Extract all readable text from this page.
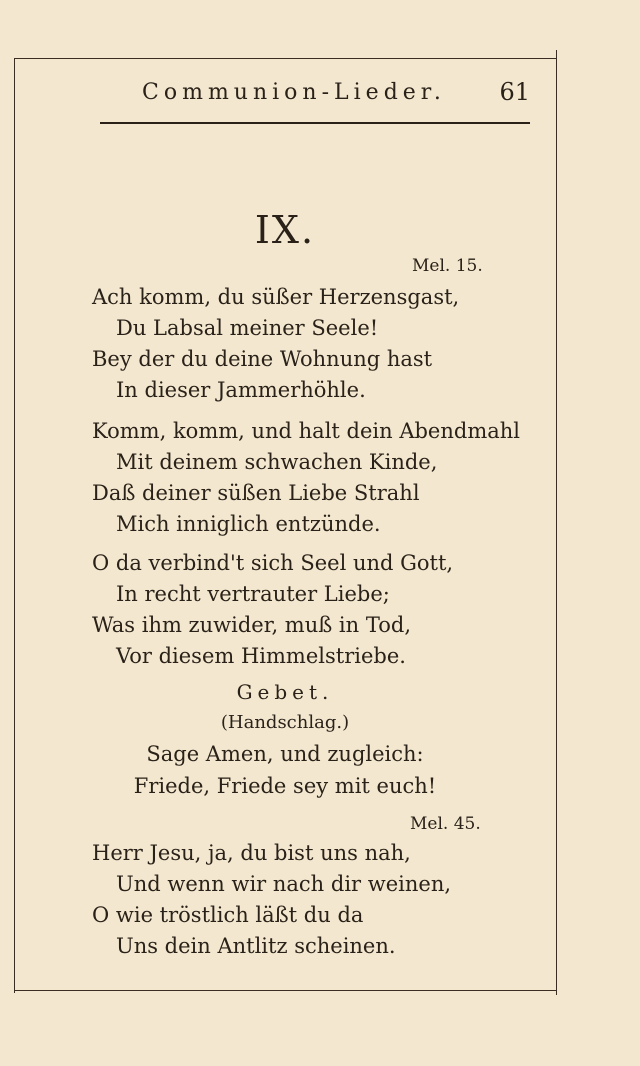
Communion-Lieder. 61
IX.
Mel. 15.
Ach komm, du süßer Herzensgast,
Du Labsal meiner Seele!
Bey der du deine Wohnung hast
In dieser Jammerhöhle.
Komm, komm, und halt dein Abendmahl
Mit deinem schwachen Kinde,
Daß deiner süßen Liebe Strahl
Mich inniglich entzünde.
O da verbind't sich Seel und Gott,
In recht vertrauter Liebe;
Was ihm zuwider, muß in Tod,
Vor diesem Himmelstriebe.
Gebet.
(Handschlag.)
Sage Amen, und zugleich:
Friede, Friede sey mit euch!
Mel. 45.
Herr Jesu, ja, du bist uns nah,
Und wenn wir nach dir weinen,
O wie tröstlich läßt du da
Uns dein Antlitz scheinen.
